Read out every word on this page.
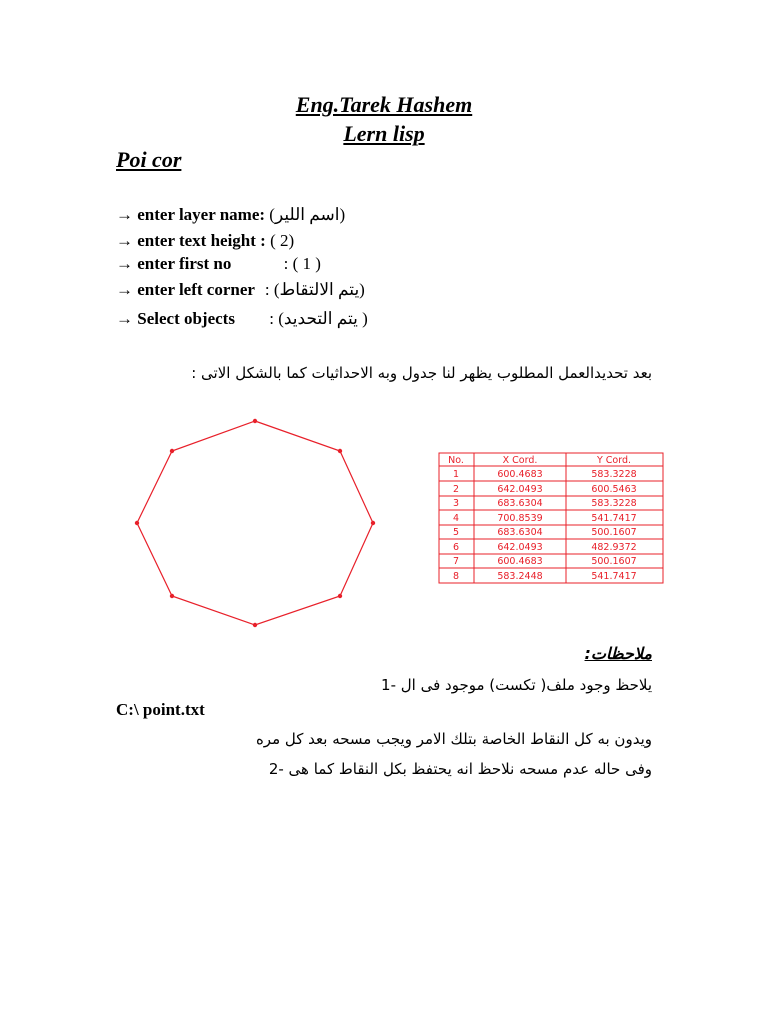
Eng.Tarek Hashem
Lern lisp
Poi cor
→ enter layer name: (اسم اللير)
→ enter text height : ( 2)
→ enter first no	: ( 1 )
→ enter left corner : (يتم الالتقاط)
→ Select objects : (يتم التحديد )
بعد تحديدالعمل المطلوب يظهر لنا جدول وبه الاحداثيات كما بالشكل الاتى :
No.	X Cord.	Y Cord.
1	600.4683	583.3228
2	642.0493	600.5463
3	683.6304	583.3228
4	700.8539	541.7417
5	683.6304	500.1607
6	642.0493	482.9372
7	600.4683	500.1607
8	583.2448	541.7417
ملاحظات:
يلاحظ وجود ملف( تكست) موجود فى ال -1
C:\ point.txt
ويدون به كل النقاط الخاصة بتلك الامر ويجب مسحه بعد كل مره
وفى حاله عدم مسحه نلاحظ انه يحتفظ بكل النقاط كما هى -2
